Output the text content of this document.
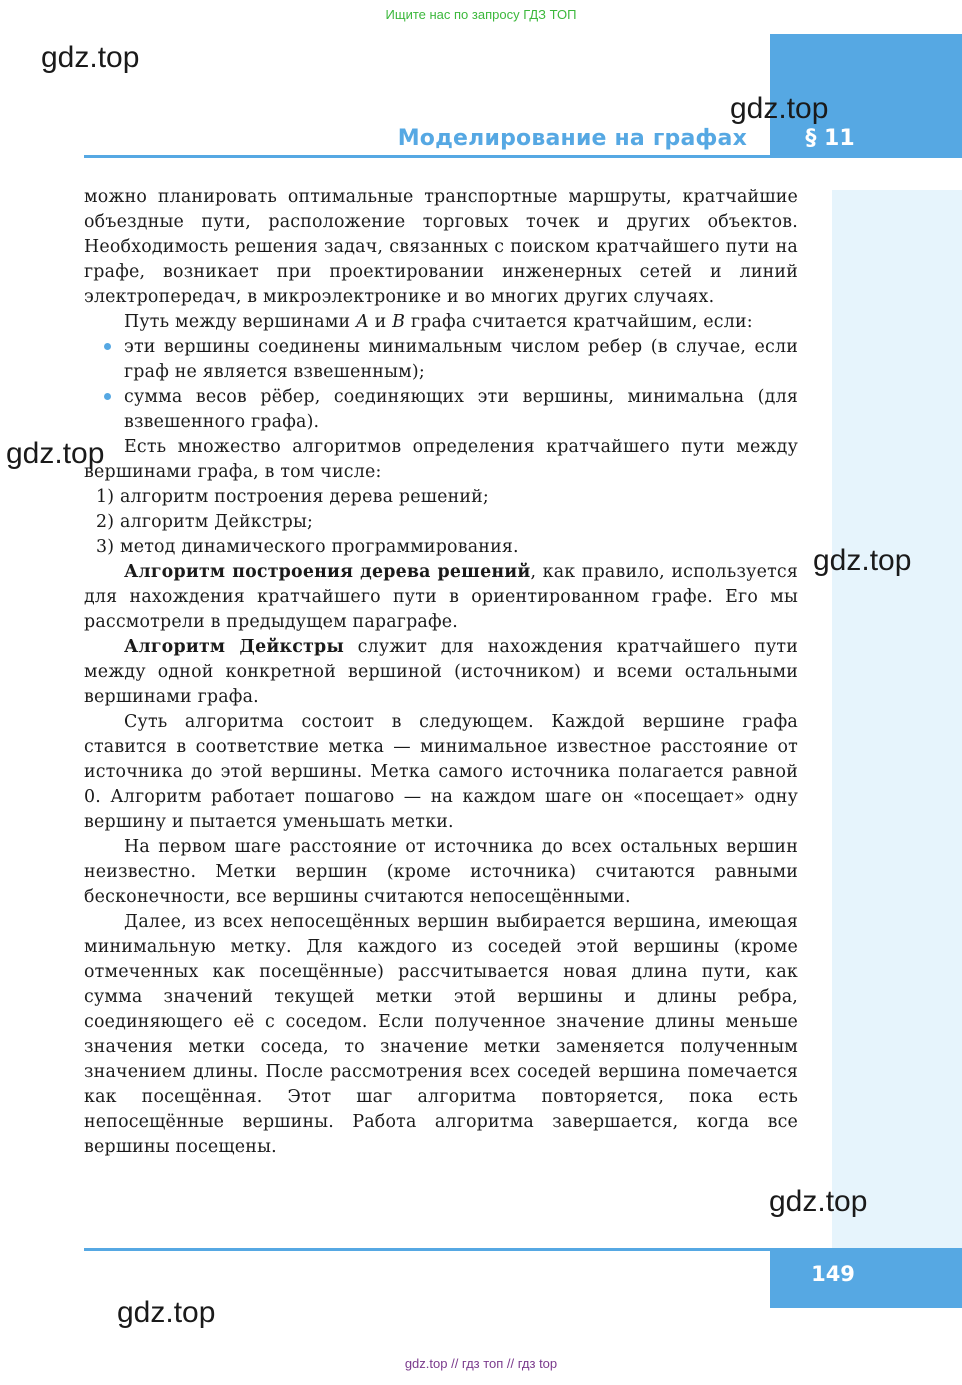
Ищите нас по запросу ГДЗ ТОП
Моделирование на графах	§ 11
gdz.top
gdz.top
gdz.top
gdz.top
gdz.top
gdz.top

можно планировать оптимальные транспортные маршруты, кратчайшие объездные пути, расположение торговых точек и других объектов. Необходимость решения задач, связанных с поиском кратчайшего пути на графе, возникает при проектировании инженерных сетей и линий электропередач, в микроэлектронике и во многих других случаях.

Путь между вершинами A и B графа считается кратчайшим, если:

эти вершины соединены минимальным числом ребер (в случае, если граф не является взвешенным);

сумма весов рёбер, соединяющих эти вершины, минимальна (для взвешенного графа).

Есть множество алгоритмов определения кратчайшего пути между вершинами графа, в том числе:

1) алгоритм построения дерева решений;

2) алгоритм Дейкстры;

3) метод динамического программирования.

Алгоритм построения дерева решений, как правило, используется для нахождения кратчайшего пути в ориентированном графе. Его мы рассмотрели в предыдущем параграфе.

Алгоритм Дейкстры служит для нахождения кратчайшего пути между одной конкретной вершиной (источником) и всеми остальными вершинами графа.

Суть алгоритма состоит в следующем. Каждой вершине графа ставится в соответствие метка — минимальное известное расстояние от источника до этой вершины. Метка самого источника полагается равной 0. Алгоритм работает пошагово — на каждом шаге он «посещает» одну вершину и пытается уменьшать метки.

На первом шаге расстояние от источника до всех остальных вершин неизвестно. Метки вершин (кроме источника) считаются равными бесконечности, все вершины считаются непосещёнными.

Далее, из всех непосещённых вершин выбирается вершина, имеющая минимальную метку. Для каждого из соседей этой вершины (кроме отмеченных как посещённые) рассчитывается новая длина пути, как сумма значений текущей метки этой вершины и длины ребра, соединяющего её с соседом. Если полученное значение длины меньше значения метки соседа, то значение метки заменяется полученным значением длины. После рассмотрения всех соседей вершина помечается как посещённая. Этот шаг алгоритма повторяется, пока есть непосещённые вершины. Работа алгоритма завершается, когда все вершины посещены.

149
gdz.top // гдз топ // гдз top
